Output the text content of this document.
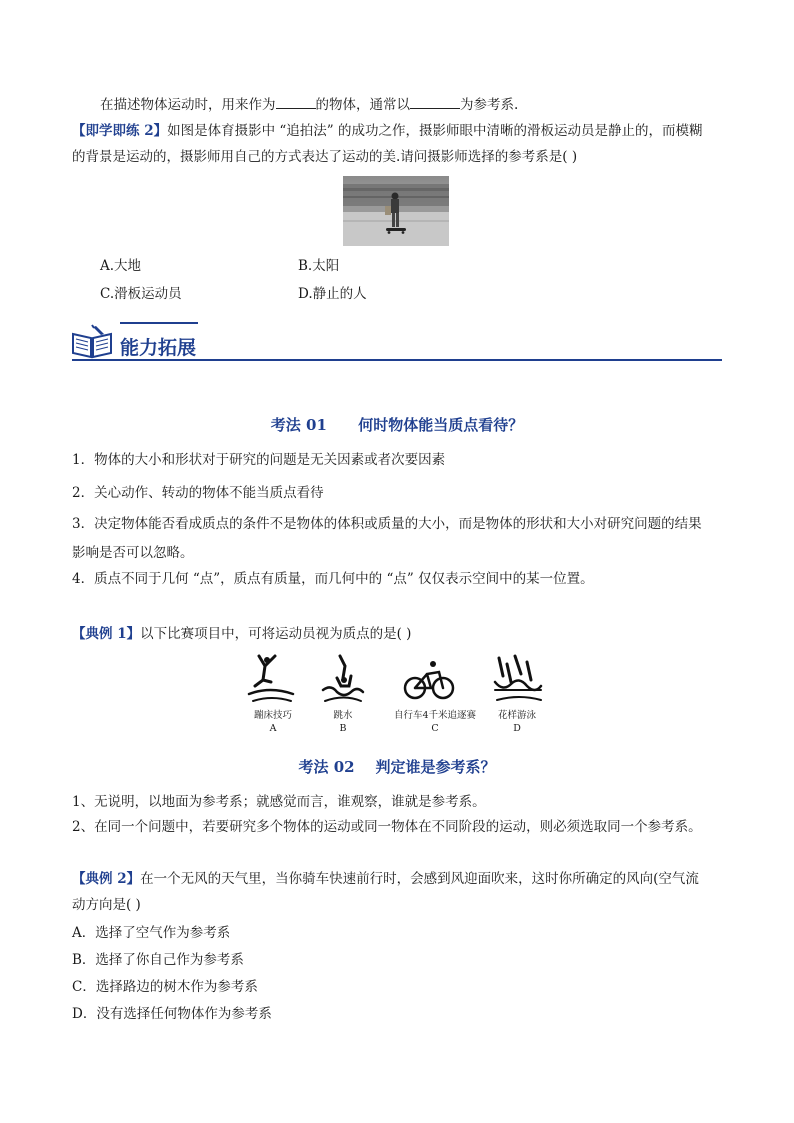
在描述物体运动时，用来作为	的物体，通常以	为参考系.
【即学即练 2】如图是体育摄影中 “追拍法” 的成功之作，摄影师眼中清晰的滑板运动员是静止的，而模糊
的背景是运动的，摄影师用自己的方式表达了运动的美.请问摄影师选择的参考系是( )
A.大地	B.太阳
C.滑板运动员	D.静止的人
能力拓展
考法 01      何时物体能当质点看待？
1．物体的大小和形状对于研究的问题是无关因素或者次要因素
2．关心动作、转动的物体不能当质点看待
3．决定物体能否看成质点的条件不是物体的体积或质量的大小，而是物体的形状和大小对研究问题的结果
影响是否可以忽略。
4．质点不同于几何 “点”，质点有质量，而几何中的 “点” 仅仅表示空间中的某一位置。
【典例 1】以下比赛项目中，可将运动员视为质点的是( )
蹦床技巧
A
跳水
B
自行车4千米追逐赛
C
花样游泳
D
考法 02    判定谁是参考系？
1、无说明，以地面为参考系；就感觉而言，谁观察，谁就是参考系。
2、在同一个问题中，若要研究多个物体的运动或同一物体在不同阶段的运动，则必须选取同一个参考系。
【典例 2】在一个无风的天气里，当你骑车快速前行时，会感到风迎面吹来，这时你所确定的风向(空气流
动方向是( )
A．选择了空气作为参考系
B．选择了你自己作为参考系
C．选择路边的树木作为参考系
D．没有选择任何物体作为参考系
